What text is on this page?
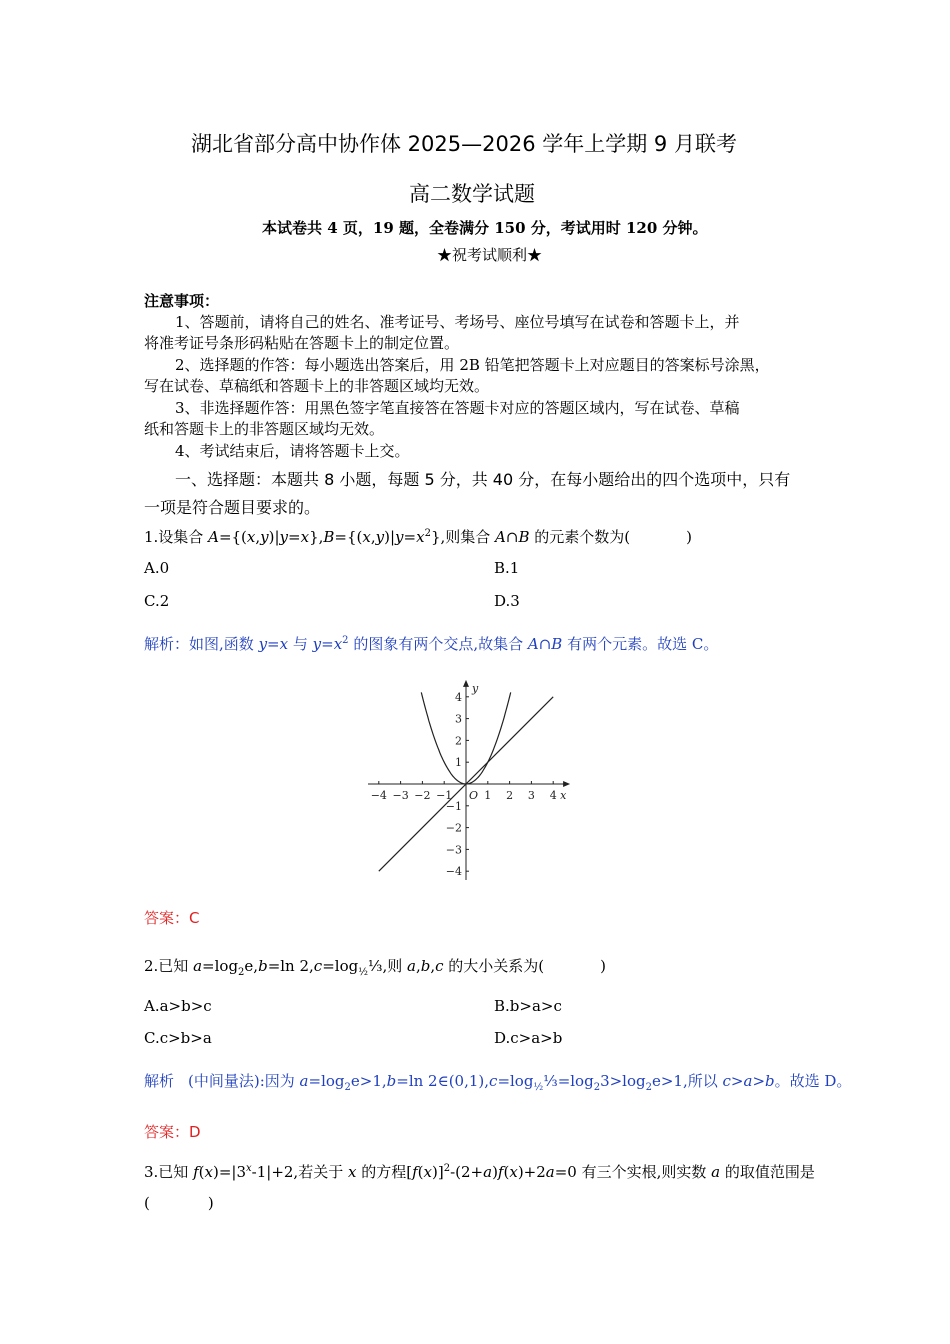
湖北省部分高中协作体 2025—2026 学年上学期 9 月联考
高二数学试题
本试卷共 4 页，19 题，全卷满分 150 分，考试用时 120 分钟。
★祝考试顺利★
注意事项：
1、答题前，请将自己的姓名、准考证号、考场号、座位号填写在试卷和答题卡上，并
将准考证号条形码粘贴在答题卡上的制定位置。
2、选择题的作答：每小题选出答案后，用 2B 铅笔把答题卡上对应题目的答案标号涂黑，
写在试卷、草稿纸和答题卡上的非答题区域均无效。
3、非选择题作答：用黑色签字笔直接答在答题卡对应的答题区域内，写在试卷、草稿
纸和答题卡上的非答题区域均无效。
4、考试结束后，请将答题卡上交。
一、选择题：本题共 8 小题，每题 5 分，共 40 分，在每小题给出的四个选项中，只有
一项是符合题目要求的。
1.设集合 $A=\{(x,y)|y=x\},B=\{(x,y)|y=x^2\}$,则集合 A∩B 的元素个数为(	)
A.0	B.1
C.2	D.3
解析：如图,函数 y=x 与 $y=x^2$ 的图象有两个交点,故集合 A∩B 有两个元素。故选 C。
−4 −3 −2 −1	1 2 3 4
4
3
2
1
−1
−2
−3
−4
O	x
y
答案：C
2.已知 $a=\log_2e,b=\ln$ $2,c=\log_{\frac{1}{2}}\frac{1}{3}$,则 a,b,c 的大小关系为(	)
A.a>b>c	B.b>a>c
C.c>b>a	D.c>a>b
解析 (中间量法):因为 $a=\log_2e>1,b=\ln$ $2\in(0,1),c=\log_{\frac{1}{2}}\frac{1}{3}=\log_23>\log_2e>1$,所以 c>a>b。故选 D。
答案：D
3.已知 $f(x)=|3^x-1|+2$,若关于 x 的方程$[f(x)]^2-(2+a)f(x)+2a=0$ 有三个实根,则实数 a 的取值范围是
(	)
